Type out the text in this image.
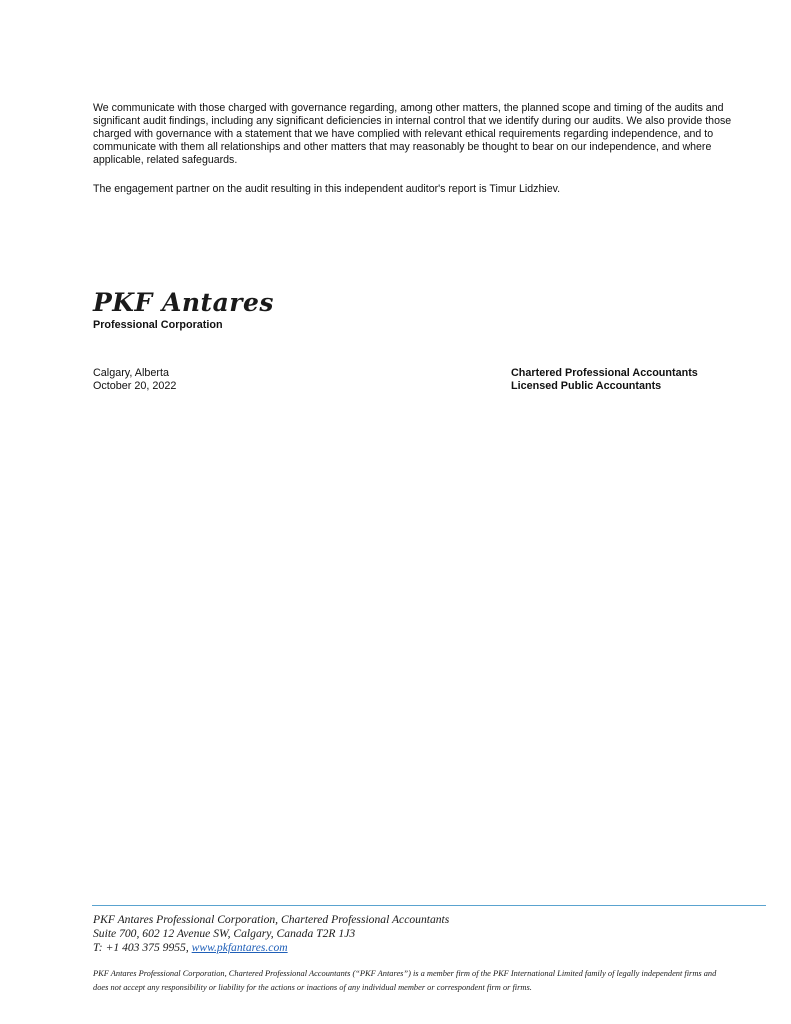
We communicate with those charged with governance regarding, among other matters, the planned scope and timing of the audits and significant audit findings, including any significant deficiencies in internal control that we identify during our audits. We also provide those charged with governance with a statement that we have complied with relevant ethical requirements regarding independence, and to communicate with them all relationships and other matters that may reasonably be thought to bear on our independence, and where applicable, related safeguards.

The engagement partner on the audit resulting in this independent auditor's report is Timur Lidzhiev.

PKF Antares
Professional Corporation
Calgary, Alberta
October 20, 2022
Chartered Professional Accountants
Licensed Public Accountants
PKF Antares Professional Corporation, Chartered Professional Accountants
Suite 700, 602 12 Avenue SW, Calgary, Canada T2R 1J3
T: +1 403 375 9955, www.pkfantares.com

PKF Antares Professional Corporation, Chartered Professional Accountants (“PKF Antares”) is a member firm of the PKF International Limited family of legally independent firms and does not accept any responsibility or liability for the actions or inactions of any individual member or correspondent firm or firms.
